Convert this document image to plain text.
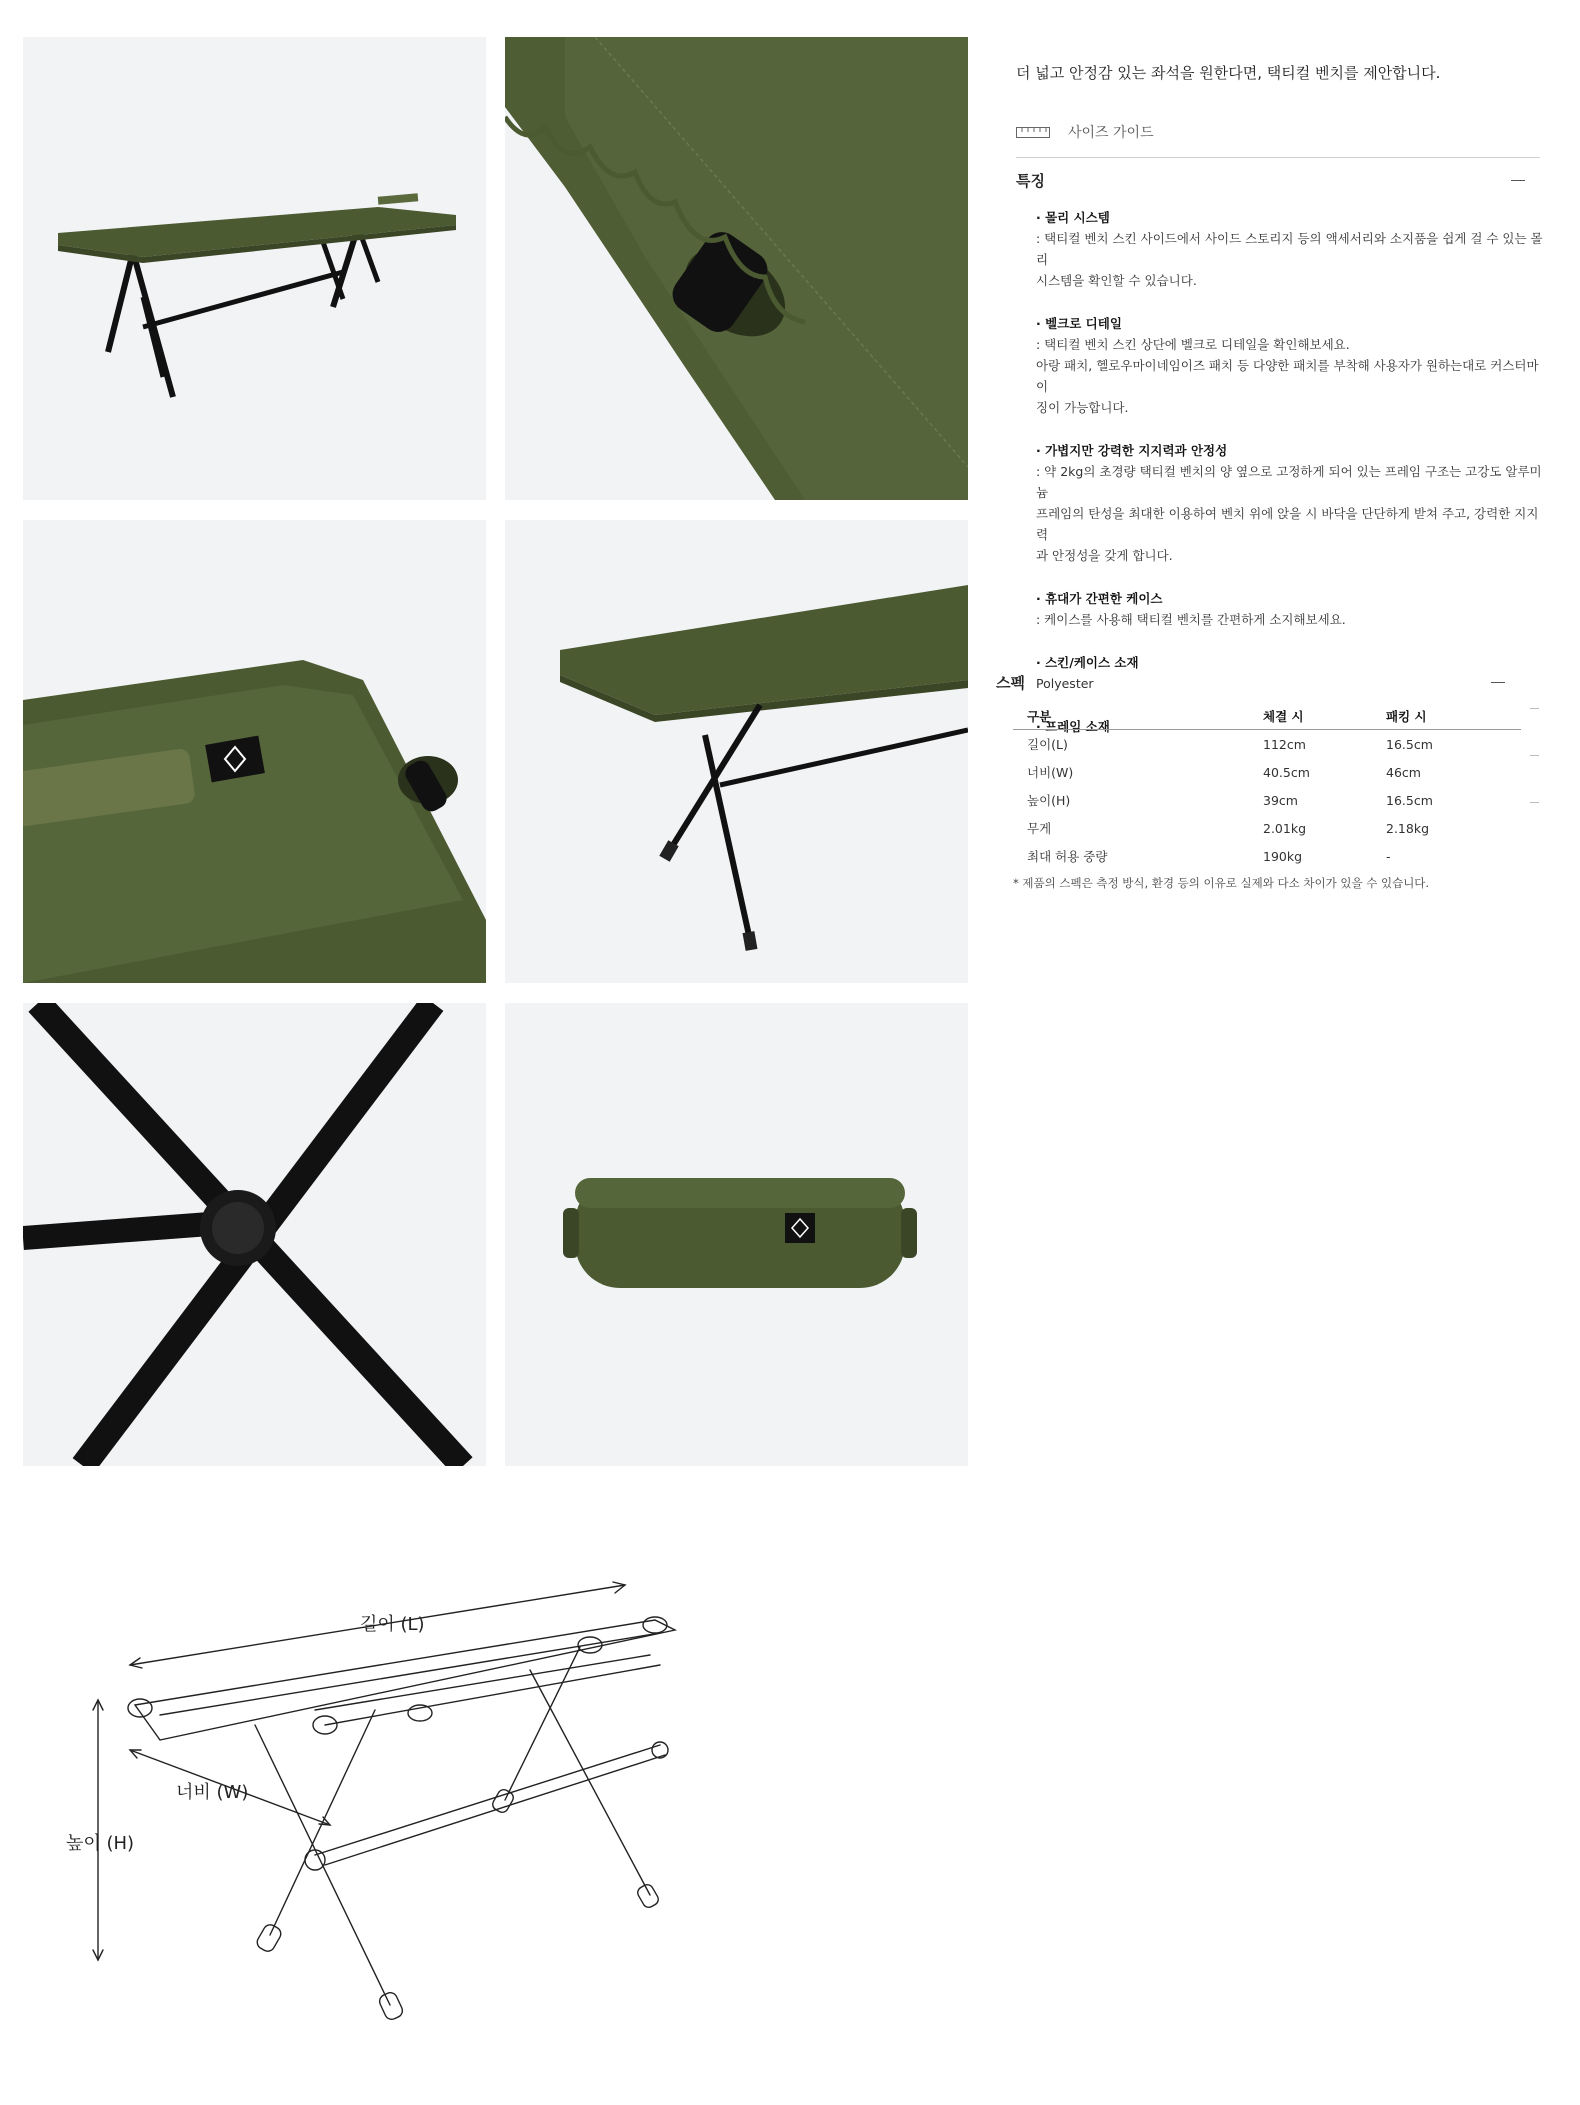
더 넓고 안정감 있는 좌석을 원한다면, 택티컬 벤치를 제안합니다.
사이즈 가이드
특징
· 몰리 시스템
: 택티컬 벤치 스킨 사이드에서 사이드 스토리지 등의 액세서리와 소지품을 쉽게 걸 수 있는 몰리
시스템을 확인할 수 있습니다.
· 벨크로 디테일
: 택티컬 벤치 스킨 상단에 벨크로 디테일을 확인해보세요.
아랑 패치, 헬로우마이네임이즈 패치 등 다양한 패치를 부착해 사용자가 원하는대로 커스터마이
징이 가능합니다.
· 가볍지만 강력한 지지력과 안정성
: 약 2kg의 초경량 택티컬 벤치의 양 옆으로 고정하게 되어 있는 프레임 구조는 고강도 알루미늄
프레임의 탄성을 최대한 이용하여 벤치 위에 앉을 시 바닥을 단단하게 받쳐 주고, 강력한 지지력
과 안정성을 갖게 합니다.
· 휴대가 간편한 케이스
: 케이스를 사용해 택티컬 벤치를 간편하게 소지해보세요.
· 스킨/케이스 소재
Polyester
· 프레임 소재
스펙
구분	체결 시	패킹 시
길이(L)	112cm	16.5cm
너비(W)	40.5cm	46cm
높이(H)	39cm	16.5cm
무게	2.01kg	2.18kg
최대 허용 중량	190kg	-
* 제품의 스펙은 측정 방식, 환경 등의 이유로 실제와 다소 차이가 있을 수 있습니다.
길이 (L)
너비 (W)
높이 (H)
